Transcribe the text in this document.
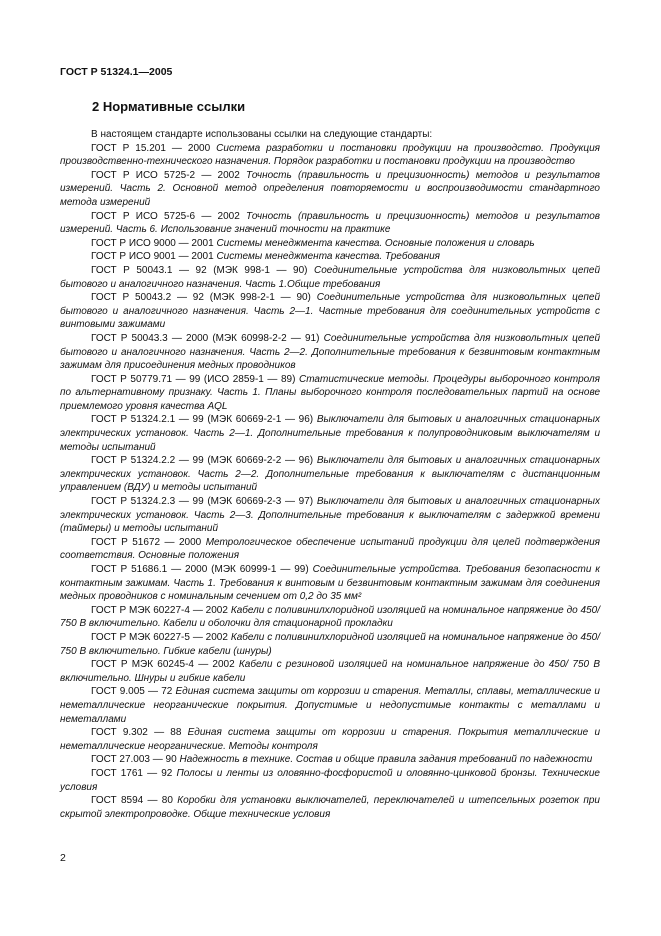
ГОСТ Р 51324.1—2005
2 Нормативные ссылки
В настоящем стандарте использованы ссылки на следующие стандарты:
ГОСТ Р 15.201 — 2000 Система разработки и постановки продукции на производство. Продукция производственно-технического назначения. Порядок разработки и постановки продукции на производство
ГОСТ Р ИСО 5725-2 — 2002 Точность (правильность и прецизионность) методов и результатов измерений. Часть 2. Основной метод определения повторяемости и воспроизводимости стандартного метода измерений
ГОСТ Р ИСО 5725-6 — 2002 Точность (правильность и прецизионность) методов и результатов измерений. Часть 6. Использование значений точности на практике
ГОСТ Р ИСО 9000 — 2001 Системы менеджмента качества. Основные положения и словарь
ГОСТ Р ИСО 9001 — 2001 Системы менеджмента качества. Требования
ГОСТ Р 50043.1 — 92 (МЭК 998-1 — 90) Соединительные устройства для низковольтных цепей бытового и аналогичного назначения. Часть 1.Общие требования
ГОСТ Р 50043.2 — 92 (МЭК 998-2-1 — 90) Соединительные устройства для низковольтных цепей бытового и аналогичного назначения. Часть 2—1. Частные требования для соединительных устройств с винтовыми зажимами
ГОСТ Р 50043.3 — 2000 (МЭК 60998-2-2 — 91) Соединительные устройства для низковольтных цепей бытового и аналогичного назначения. Часть 2—2. Дополнительные требования к безвинтовым контактным зажимам для присоединения медных проводников
ГОСТ Р 50779.71 — 99 (ИСО 2859-1 — 89) Статистические методы. Процедуры выборочного контроля по альтернативному признаку. Часть 1. Планы выборочного контроля последовательных партий на основе приемлемого уровня качества AQL
ГОСТ Р 51324.2.1 — 99 (МЭК 60669-2-1 — 96) Выключатели для бытовых и аналогичных стационарных электрических установок. Часть 2—1. Дополнительные требования к полупроводниковым выключателям и методы испытаний
ГОСТ Р 51324.2.2 — 99 (МЭК 60669-2-2 — 96) Выключатели для бытовых и аналогичных стационарных электрических установок. Часть 2—2. Дополнительные требования к выключателям с дистанционным управлением (ВДУ) и методы испытаний
ГОСТ Р 51324.2.3 — 99 (МЭК 60669-2-3 — 97) Выключатели для бытовых и аналогичных стационарных электрических установок. Часть 2—3. Дополнительные требования к выключателям с задержкой времени (таймеры) и методы испытаний
ГОСТ Р 51672 — 2000 Метрологическое обеспечение испытаний продукции для целей подтверждения соответствия. Основные положения
ГОСТ Р 51686.1 — 2000 (МЭК 60999-1 — 99) Соединительные устройства. Требования безопасности к контактным зажимам. Часть 1. Требования к винтовым и безвинтовым контактным зажимам для соединения медных проводников с номинальным сечением от 0,2 до 35 мм²
ГОСТ Р МЭК 60227-4 — 2002 Кабели с поливинилхлоридной изоляцией на номинальное напряжение до 450/ 750 В включительно. Кабели и оболочки для стационарной прокладки
ГОСТ Р МЭК 60227-5 — 2002 Кабели с поливинилхлоридной изоляцией на номинальное напряжение до 450/ 750 В включительно. Гибкие кабели (шнуры)
ГОСТ Р МЭК 60245-4 — 2002 Кабели с резиновой изоляцией на номинальное напряжение до 450/ 750 В включительно. Шнуры и гибкие кабели
ГОСТ 9.005 — 72 Единая система защиты от коррозии и старения. Металлы, сплавы, металлические и неметаллические неорганические покрытия. Допустимые и недопустимые контакты с металлами и неметаллами
ГОСТ 9.302 — 88 Единая система защиты от коррозии и старения. Покрытия металлические и неметаллические неорганические. Методы контроля
ГОСТ 27.003 — 90 Надежность в технике. Состав и общие правила задания требований по надежности
ГОСТ 1761 — 92 Полосы и ленты из оловянно-фосфористой и оловянно-цинковой бронзы. Технические условия
ГОСТ 8594 — 80 Коробки для установки выключателей, переключателей и штепсельных розеток при скрытой электропроводке. Общие технические условия
2
